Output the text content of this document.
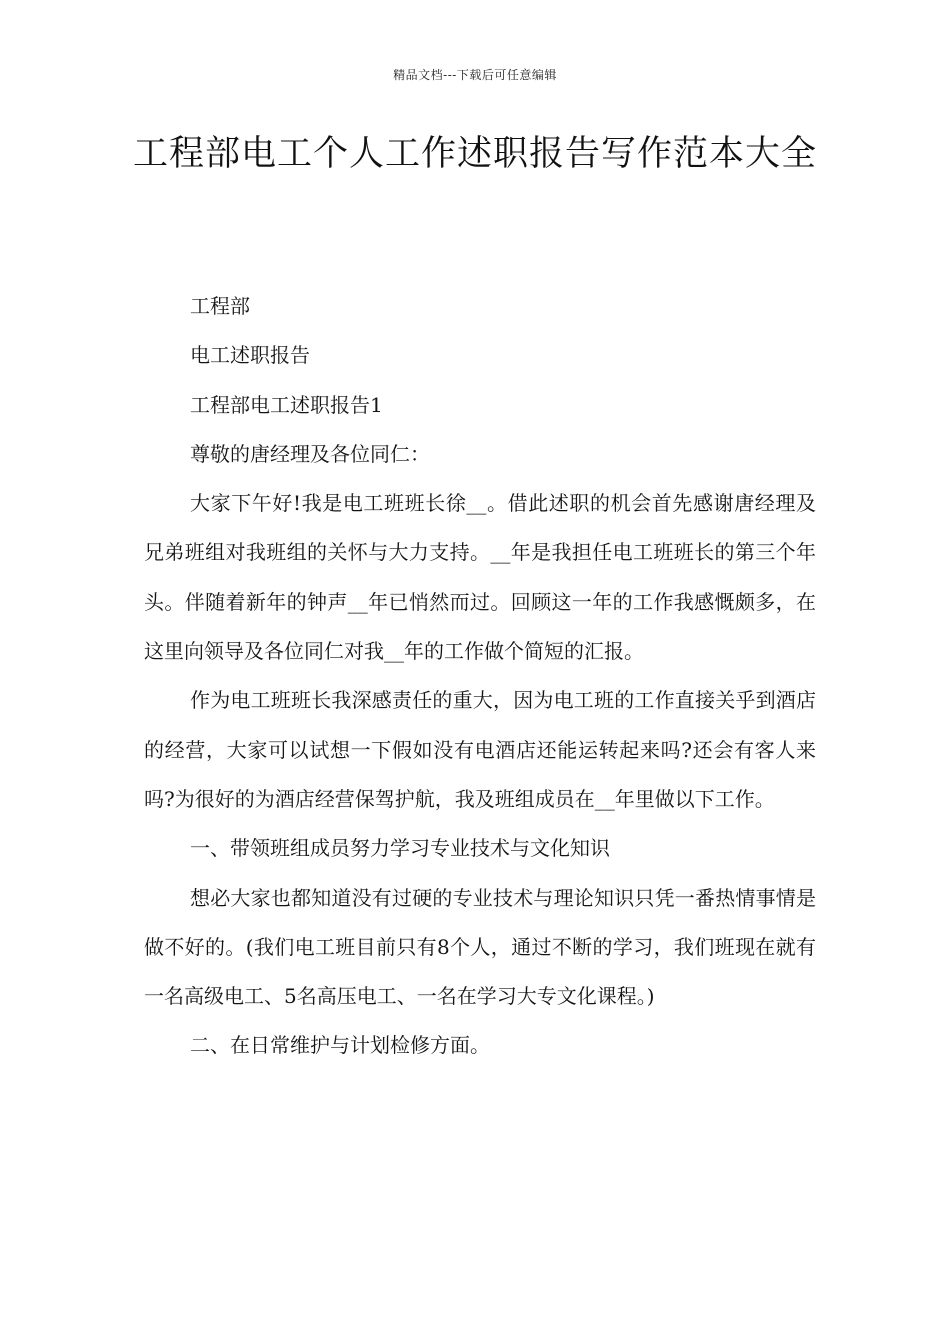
精品文档---下载后可任意编辑
工程部电工个人工作述职报告写作范本大全

工程部

电工述职报告

工程部电工述职报告1

尊敬的唐经理及各位同仁：

大家下午好!我是电工班班长徐__。借此述职的机会首先感谢唐经理及兄弟班组对我班组的关怀与大力支持。__年是我担任电工班班长的第三个年头。伴随着新年的钟声__年已悄然而过。回顾这一年的工作我感慨颇多，在这里向领导及各位同仁对我__年的工作做个简短的汇报。

作为电工班班长我深感责任的重大，因为电工班的工作直接关乎到酒店的经营，大家可以试想一下假如没有电酒店还能运转起来吗?还会有客人来吗?为很好的为酒店经营保驾护航，我及班组成员在__年里做以下工作。

一、带领班组成员努力学习专业技术与文化知识

想必大家也都知道没有过硬的专业技术与理论知识只凭一番热情事情是做不好的。(我们电工班目前只有8个人，通过不断的学习，我们班现在就有一名高级电工、5名高压电工、一名在学习大专文化课程。)

二、在日常维护与计划检修方面。
